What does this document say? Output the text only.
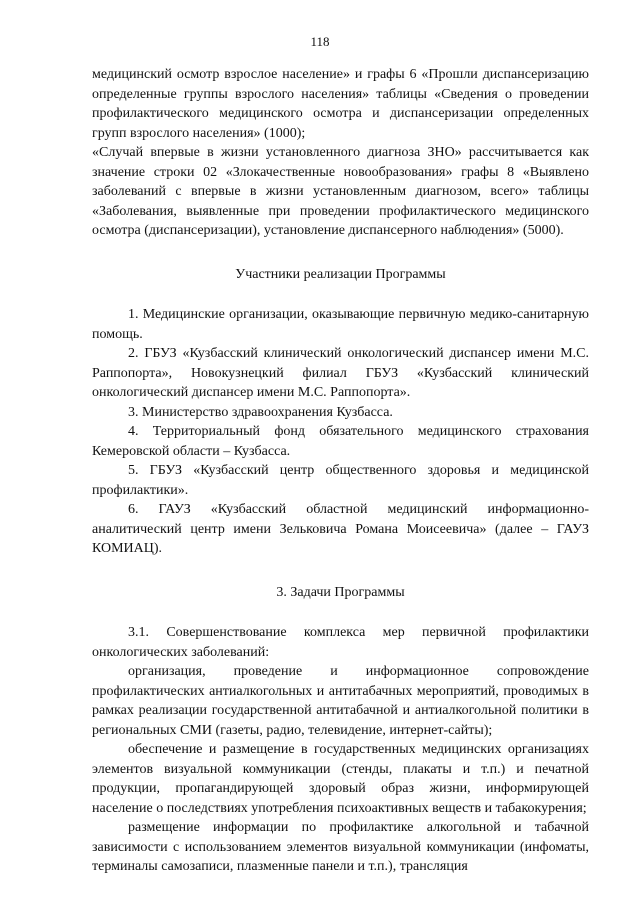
118

медицинский осмотр взрослое население» и графы 6 «Прошли диспансеризацию определенные группы взрослого населения» таблицы «Сведения о проведении профилактического медицинского осмотра и диспансеризации определенных групп взрослого населения» (1000);

«Случай впервые в жизни установленного диагноза ЗНО» рассчитывается как значение строки 02 «Злокачественные новообразования» графы 8 «Выявлено заболеваний с впервые в жизни установленным диагнозом, всего» таблицы «Заболевания, выявленные при проведении профилактического медицинского осмотра (диспансеризации), установление диспансерного наблюдения» (5000).

Участники реализации Программы

1. Медицинские организации, оказывающие первичную медико-санитарную помощь.

2. ГБУЗ «Кузбасский клинический онкологический диспансер имени М.С. Раппопорта», Новокузнецкий филиал ГБУЗ «Кузбасский клинический онкологический диспансер имени М.С. Раппопорта».

3. Министерство здравоохранения Кузбасса.

4. Территориальный фонд обязательного медицинского страхования Кемеровской области – Кузбасса.

5. ГБУЗ «Кузбасский центр общественного здоровья и медицинской профилактики».

6. ГАУЗ «Кузбасский областной медицинский информационно-аналитический центр имени Зельковича Романа Моисеевича» (далее – ГАУЗ КОМИАЦ).

3. Задачи Программы

3.1. Совершенствование комплекса мер первичной профилактики онкологических заболеваний:

организация, проведение и информационное сопровождение профилактических антиалкогольных и антитабачных мероприятий, проводимых в рамках реализации государственной антитабачной и антиалкогольной политики в региональных СМИ (газеты, радио, телевидение, интернет-сайты);

обеспечение и размещение в государственных медицинских организациях элементов визуальной коммуникации (стенды, плакаты и т.п.) и печатной продукции, пропагандирующей здоровый образ жизни, информирующей население о последствиях употребления психоактивных веществ и табакокурения;

размещение информации по профилактике алкогольной и табачной зависимости с использованием элементов визуальной коммуникации (инфоматы, терминалы самозаписи, плазменные панели и т.п.), трансляция
